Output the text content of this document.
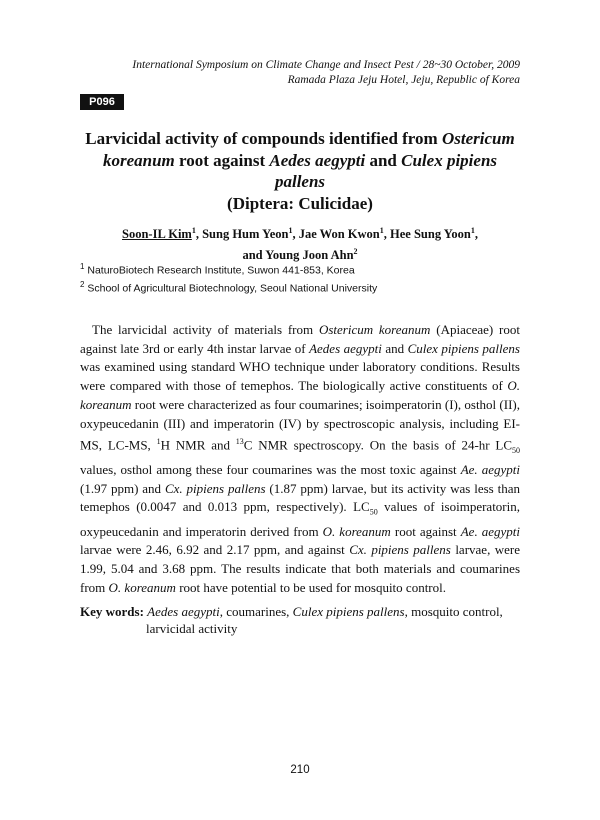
International Symposium on Climate Change and Insect Pest / 28~30 October, 2009
Ramada Plaza Jeju Hotel, Jeju, Republic of Korea
P096
Larvicidal activity of compounds identified from Ostericum
koreanum root against Aedes aegypti and Culex pipiens pallens
(Diptera: Culicidae)
Soon-IL Kim$^1$, Sung Hum Yeon$^1$, Jae Won Kwon$^1$, Hee Sung Yoon$^1$,
and Young Joon Ahn$^2$
$^1$ NaturoBiotech Research Institute, Suwon 441-853, Korea
$^2$ School of Agricultural Biotechnology, Seoul National University

The larvicidal activity of materials from Ostericum koreanum (Apiaceae) root against late 3rd or early 4th instar larvae of Aedes aegypti and Culex pipiens pallens was examined using standard WHO technique under laboratory conditions. Results were compared with those of temephos. The biologically active constituents of O. koreanum root were characterized as four coumarines; isoimperatorin (I), osthol (II), oxypeucedanin (III) and imperatorin (IV) by spectroscopic analysis, including EI-MS, LC-MS, $^1$H NMR and $^{13}$C NMR spectroscopy. On the basis of 24-hr $LC_{50}$ values, osthol among these four coumarines was the most toxic against Ae. aegypti (1.97 ppm) and Cx. pipiens pallens (1.87 ppm) larvae, but its activity was less than temephos (0.0047 and 0.013 ppm, respectively). $LC_{50}$ values of isoimperatorin, oxypeucedanin and imperatorin derived from O. koreanum root against Ae. aegypti larvae were 2.46, 6.92 and 2.17 ppm, and against Cx. pipiens pallens larvae, were 1.99, 5.04 and 3.68 ppm. The results indicate that both materials and coumarines from O. koreanum root have potential to be used for mosquito control.

Key words: Aedes aegypti, coumarines, Culex pipiens pallens, mosquito control,
larvicidal activity
210
